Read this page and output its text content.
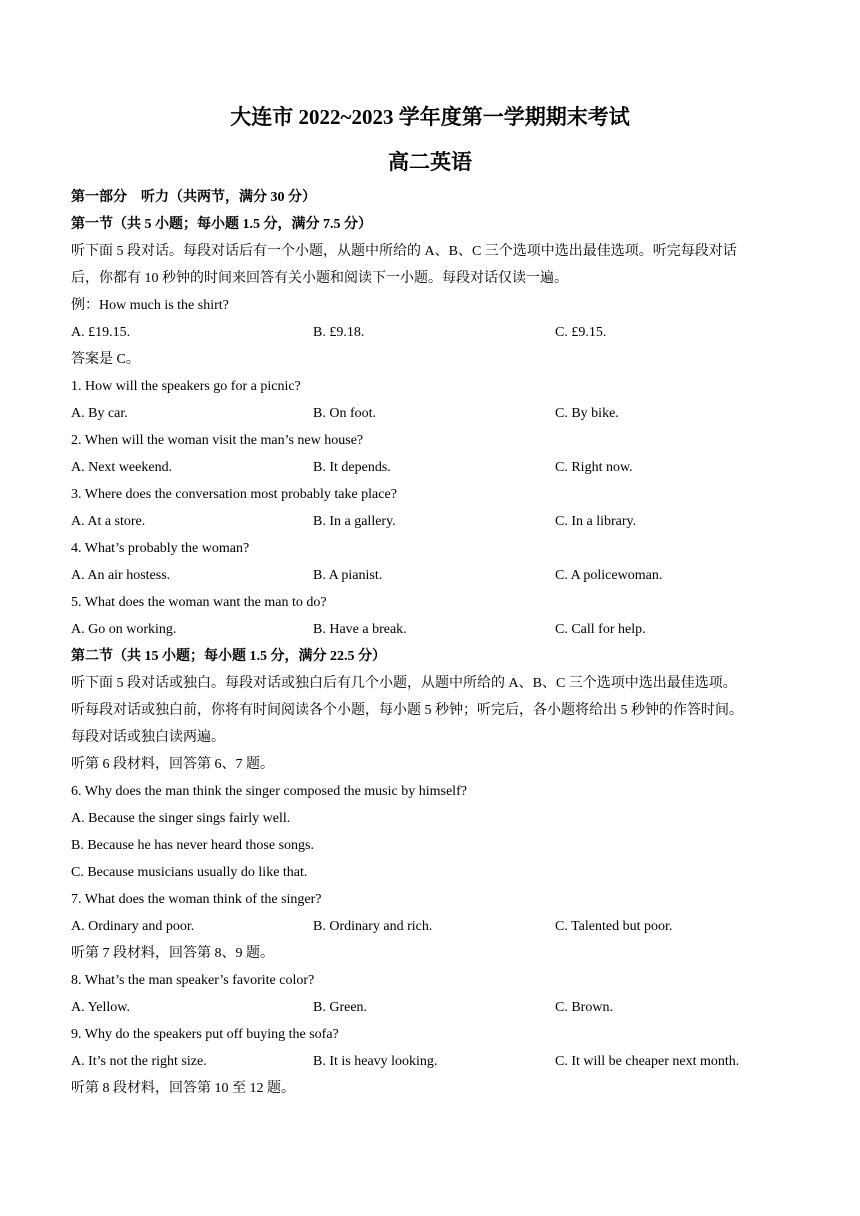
大连市 2022~2023 学年度第一学期期末考试
高二英语
第一部分　听力（共两节，满分 30 分）
第一节（共 5 小题；每小题 1.5 分，满分 7.5 分）
听下面 5 段对话。每段对话后有一个小题，从题中所给的 A、B、C 三个选项中选出最佳选项。听完每段对话
后，你都有 10 秒钟的时间来回答有关小题和阅读下一小题。每段对话仅读一遍。
例：How much is the shirt?
A. £19.15.	B. £9.18.	C. £9.15.
答案是 C。
1. How will the speakers go for a picnic?
A. By car.	B. On foot.	C. By bike.
2. When will the woman visit the man’s new house?
A. Next weekend.	B. It depends.	C. Right now.
3. Where does the conversation most probably take place?
A. At a store.	B. In a gallery.	C. In a library.
4. What’s probably the woman?
A. An air hostess.	B. A pianist.	C. A policewoman.
5. What does the woman want the man to do?
A. Go on working.	B. Have a break.	C. Call for help.
第二节（共 15 小题；每小题 1.5 分，满分 22.5 分）
听下面 5 段对话或独白。每段对话或独白后有几个小题，从题中所给的 A、B、C 三个选项中选出最佳选项。
听每段对话或独白前，你将有时间阅读各个小题，每小题 5 秒钟；听完后，各小题将给出 5 秒钟的作答时间。
每段对话或独白读两遍。
听第 6 段材料，回答第 6、7 题。
6. Why does the man think the singer composed the music by himself?
A. Because the singer sings fairly well.
B. Because he has never heard those songs.
C. Because musicians usually do like that.
7. What does the woman think of the singer?
A. Ordinary and poor.	B. Ordinary and rich.	C. Talented but poor.
听第 7 段材料，回答第 8、9 题。
8. What’s the man speaker’s favorite color?
A. Yellow.	B. Green.	C. Brown.
9. Why do the speakers put off buying the sofa?
A. It’s not the right size.	B. It is heavy looking.	C. It will be cheaper next month.
听第 8 段材料，回答第 10 至 12 题。
